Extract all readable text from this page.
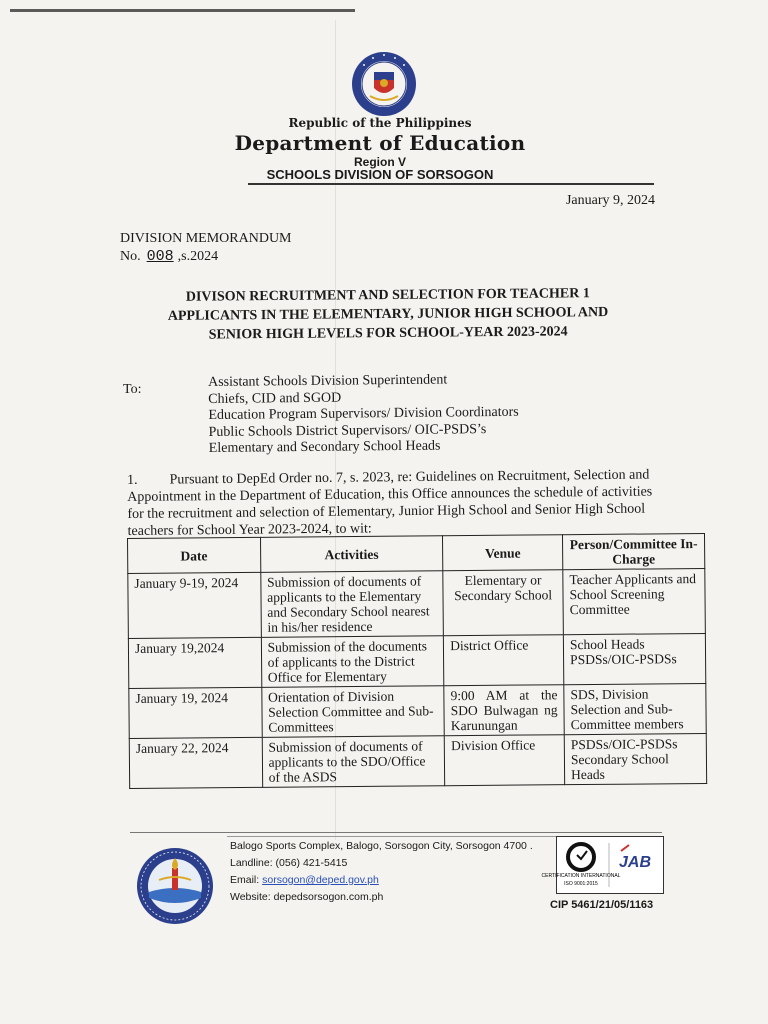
Republic of the Philippines
Department of Education
Region V
SCHOOLS DIVISION OF SORSOGON
January 9, 2024
DIVISION MEMORANDUM
No. 008 ,s.2024
DIVISON RECRUITMENT AND SELECTION FOR TEACHER 1
APPLICANTS IN THE ELEMENTARY, JUNIOR HIGH SCHOOL AND
SENIOR HIGH LEVELS FOR SCHOOL-YEAR 2023-2024
To:	Assistant Schools Division Superintendent
Chiefs, CID and SGOD
Education Program Supervisors/ Division Coordinators
Public Schools District Supervisors/ OIC-PSDS’s
Elementary and Secondary School Heads
1. Pursuant to DepEd Order no. 7, s. 2023, re: Guidelines on Recruitment, Selection and Appointment in the Department of Education, this Office announces the schedule of activities for the recruitment and selection of Elementary, Junior High School and Senior High School teachers for School Year 2023-2024, to wit:
Date	Activities	Venue	Person/Committee In-Charge
January 9-19, 2024	Submission of documents of applicants to the Elementary and Secondary School nearest in his/her residence	Elementary or Secondary School	Teacher Applicants and School Screening Committee
January 19,2024	Submission of the documents of applicants to the District Office for Elementary	District Office	School Heads PSDSs/OIC-PSDSs
January 19, 2024	Orientation of Division Selection Committee and Sub-Committees	9:00 AM at the SDO Bulwagan ng Karunungan	SDS, Division Selection and Sub-Committee members
January 22, 2024	Submission of documents of applicants to the SDO/Office of the ASDS	Division Office	PSDSs/OIC-PSDSs Secondary School Heads
Balogo Sports Complex, Balogo, Sorsogon City, Sorsogon 4700 .
Landline: (056) 421-5415
Email: sorsogon@deped.gov.ph
Website: depedsorsogon.com.ph
CERTIFICATION INTERNATIONAL
ISO 9001:2015
JAB
CIP 5461/21/05/1163
